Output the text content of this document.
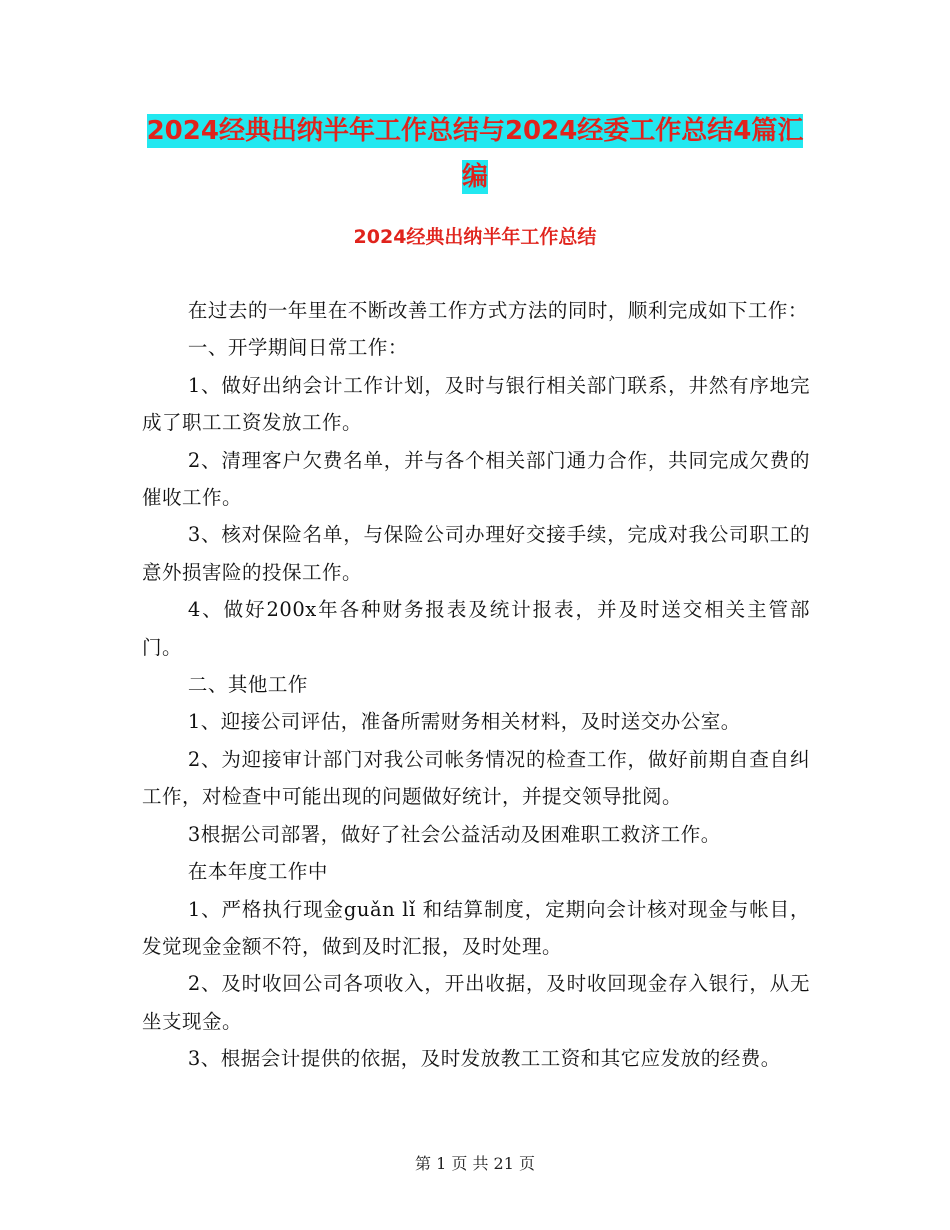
2024经典出纳半年工作总结与2024经委工作总结4篇汇编
2024经典出纳半年工作总结

在过去的一年里在不断改善工作方式方法的同时，顺利完成如下工作：

一、开学期间日常工作：

1、做好出纳会计工作计划，及时与银行相关部门联系，井然有序地完成了职工工资发放工作。

2、清理客户欠费名单，并与各个相关部门通力合作，共同完成欠费的催收工作。

3、核对保险名单，与保险公司办理好交接手续，完成对我公司职工的意外损害险的投保工作。

4、做好200x年各种财务报表及统计报表，并及时送交相关主管部门。

二、其他工作

1、迎接公司评估，准备所需财务相关材料，及时送交办公室。

2、为迎接审计部门对我公司帐务情况的检查工作，做好前期自查自纠工作，对检查中可能出现的问题做好统计，并提交领导批阅。

3根据公司部署，做好了社会公益活动及困难职工救济工作。

在本年度工作中

1、严格执行现金guǎn lǐ 和结算制度，定期向会计核对现金与帐目，发觉现金金额不符，做到及时汇报，及时处理。

2、及时收回公司各项收入，开出收据，及时收回现金存入银行，从无坐支现金。

3、根据会计提供的依据，及时发放教工工资和其它应发放的经费。

第 1 页 共 21 页
